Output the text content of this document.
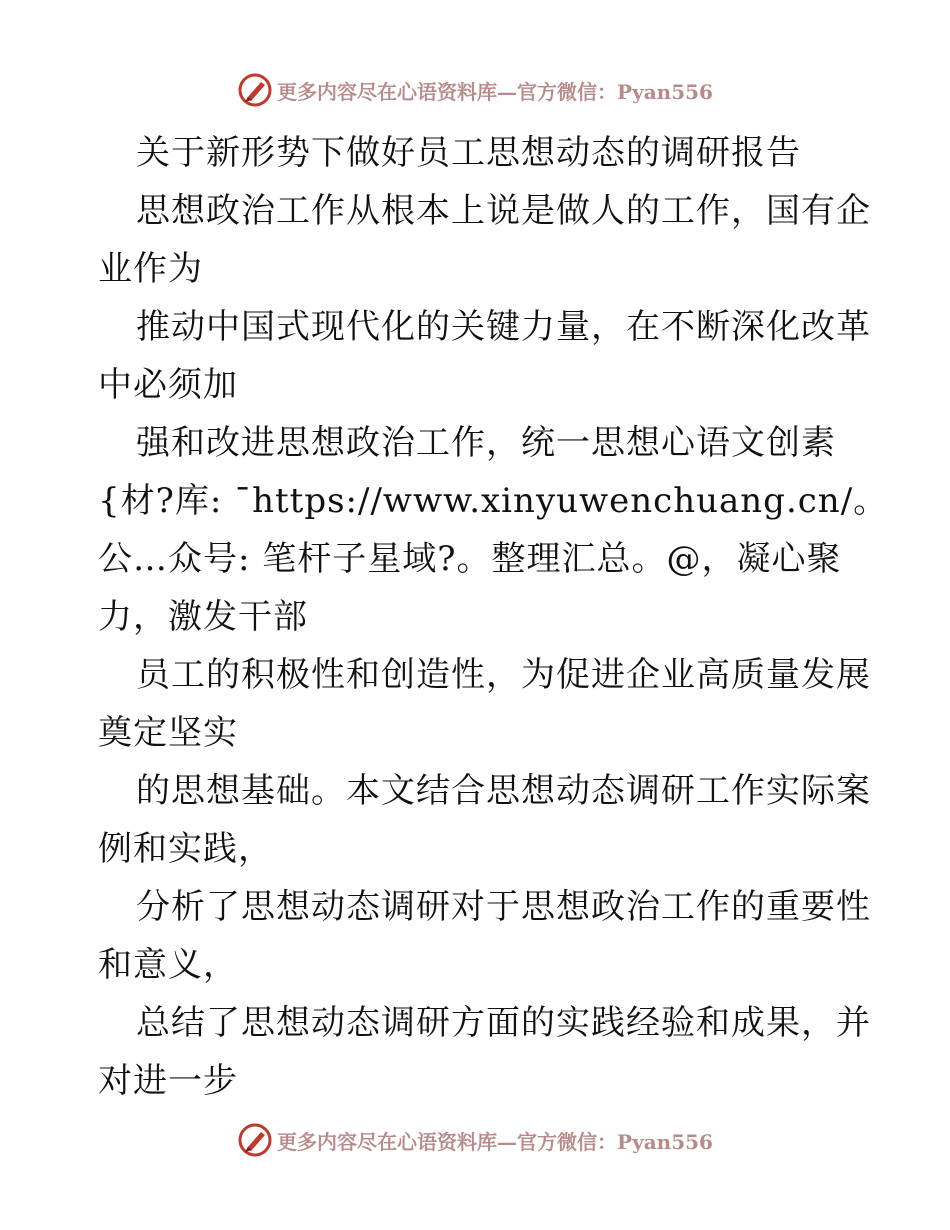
更多内容尽在心语资料库—官方微信：Pyan556

关于新形势下做好员工思想动态的调研报告

思想政治工作从根本上说是做人的工作，国有企

业作为

推动中国式现代化的关键力量，在不断深化改革

中必须加

强和改进思想政治工作，统一思想心语文创素

{材?库: ¯https://www.xinyuwenchuang.cn/。

公…众号: 笔杆子星域?。整理汇总。@，凝心聚

力，激发干部

员工的积极性和创造性，为促进企业高质量发展

奠定坚实

的思想基础。本文结合思想动态调研工作实际案

例和实践，

分析了思想动态调研对于思想政治工作的重要性

和意义，

总结了思想动态调研方面的实践经验和成果，并

对进一步

更多内容尽在心语资料库—官方微信：Pyan556
